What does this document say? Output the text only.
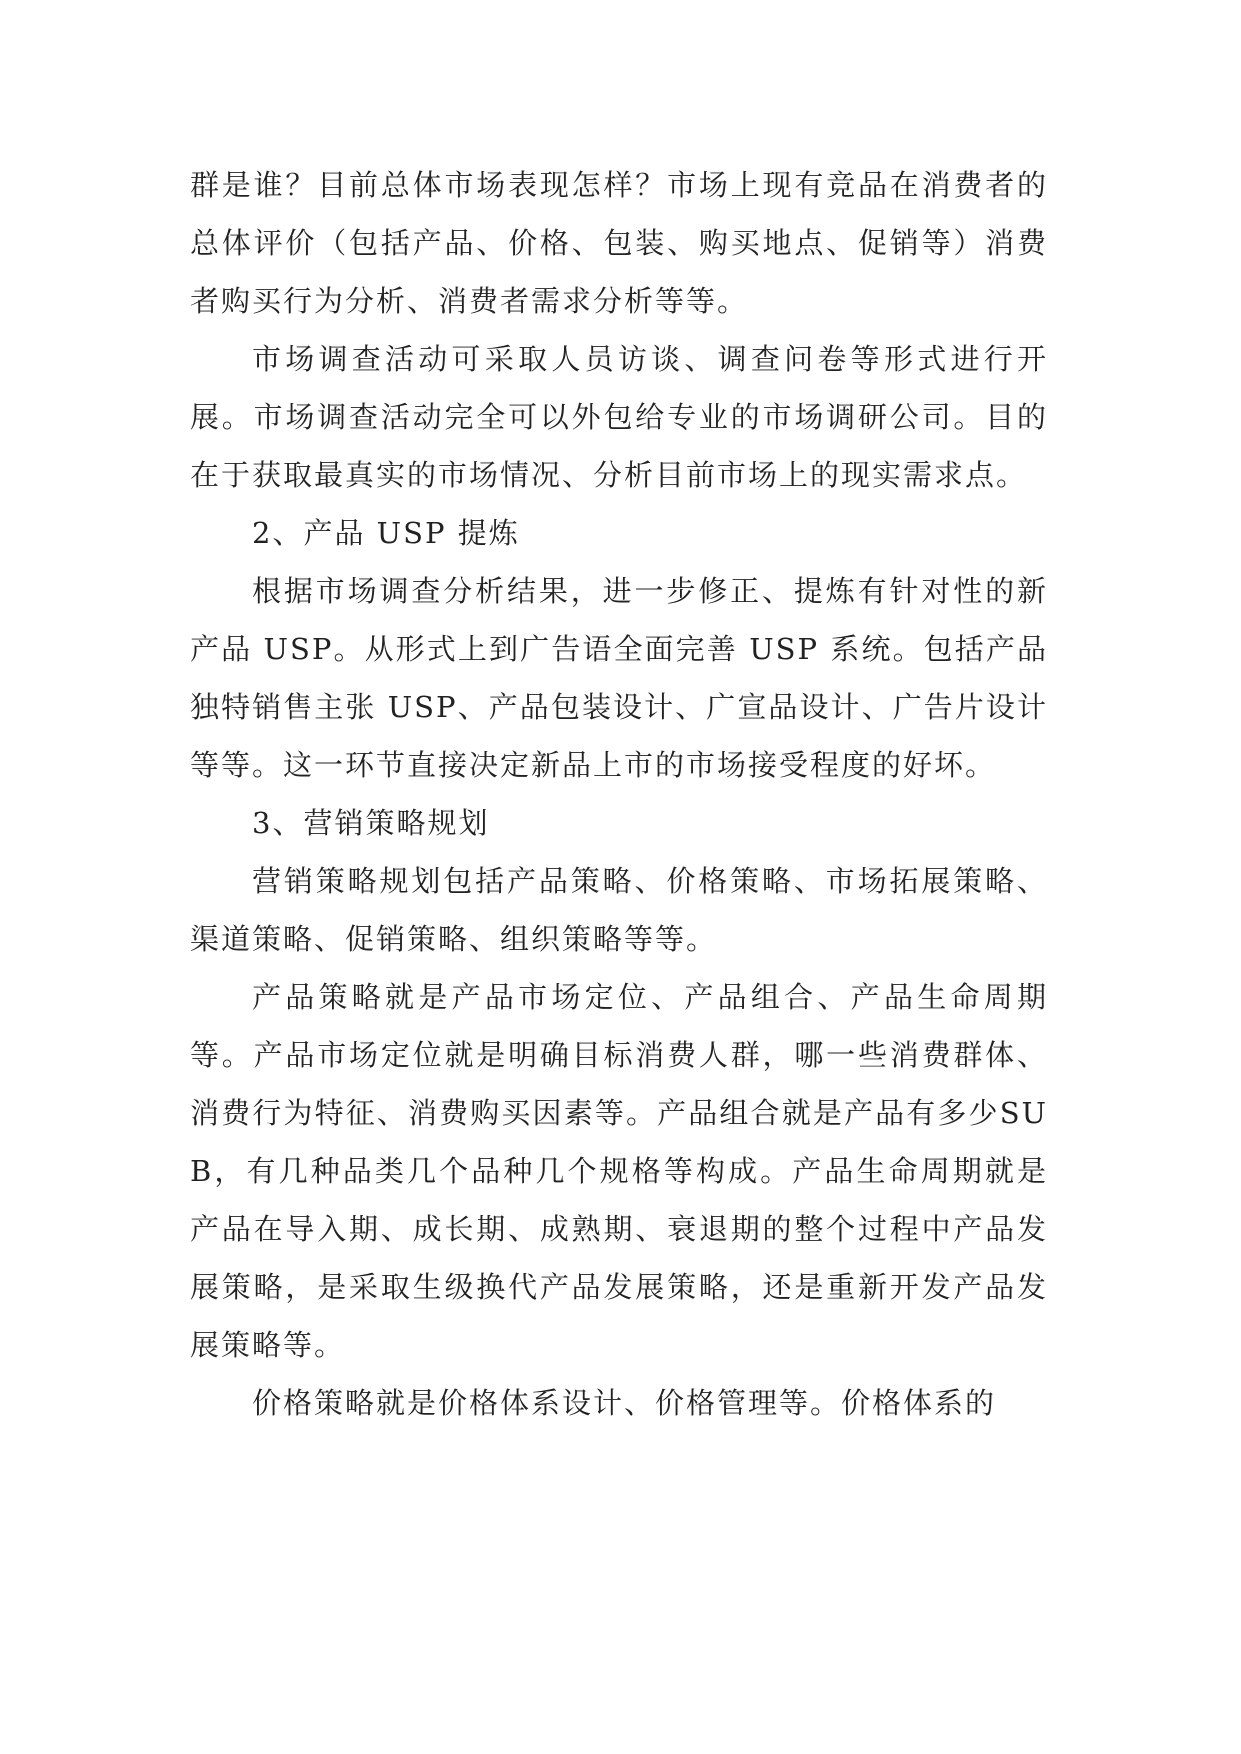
群是谁？目前总体市场表现怎样？市场上现有竞品在消费者的总体评价（包括产品、价格、包装、购买地点、促销等）消费者购买行为分析、消费者需求分析等等。

市场调查活动可采取人员访谈、调查问卷等形式进行开展。市场调查活动完全可以外包给专业的市场调研公司。目的在于获取最真实的市场情况、分析目前市场上的现实需求点。

2、产品 USP 提炼

根据市场调查分析结果，进一步修正、提炼有针对性的新产品 USP。从形式上到广告语全面完善 USP 系统。包括产品独特销售主张 USP、产品包装设计、广宣品设计、广告片设计等等。这一环节直接决定新品上市的市场接受程度的好坏。

3、营销策略规划

营销策略规划包括产品策略、价格策略、市场拓展策略、渠道策略、促销策略、组织策略等等。

产品策略就是产品市场定位、产品组合、产品生命周期等。产品市场定位就是明确目标消费人群，哪一些消费群体、消费行为特征、消费购买因素等。产品组合就是产品有多少SUB，有几种品类几个品种几个规格等构成。产品生命周期就是产品在导入期、成长期、成熟期、衰退期的整个过程中产品发展策略，是采取生级换代产品发展策略，还是重新开发产品发展策略等。

价格策略就是价格体系设计、价格管理等。价格体系的
